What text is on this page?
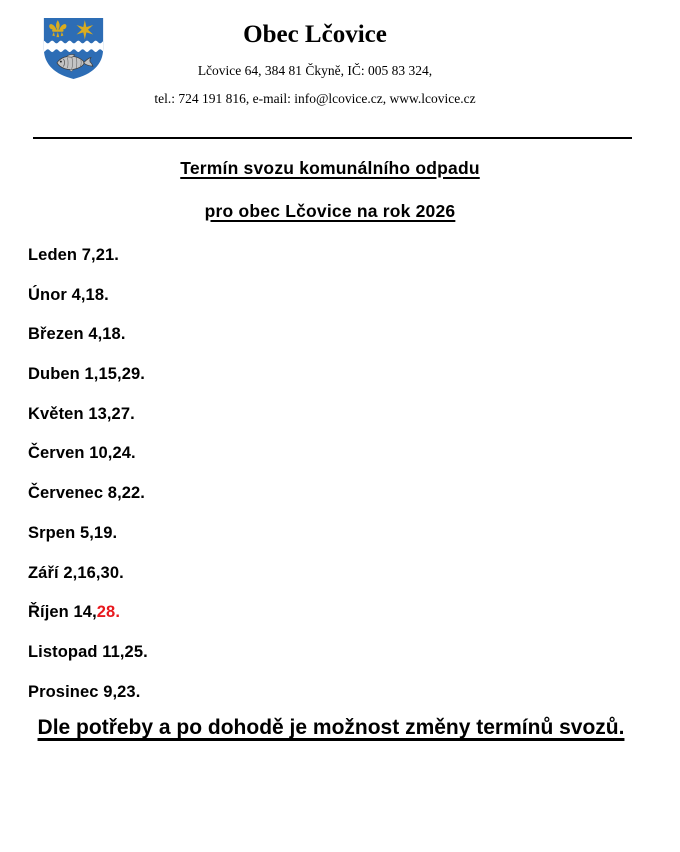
Obec Lčovice

Lčovice 64, 384 81 Čkyně, IČ: 005 83 324,

tel.: 724 191 816, e-mail: info@lcovice.cz, www.lcovice.cz

Termín svozu komunálního odpadu
pro obec Lčovice na rok 2026
Leden 7,21.
Únor 4,18.
Březen 4,18.
Duben 1,15,29.
Květen 13,27.
Červen 10,24.
Červenec 8,22.
Srpen 5,19.
Září 2,16,30.
Říjen 14,28.
Listopad 11,25.
Prosinec 9,23.

Dle potřeby a po dohodě je možnost změny termínů svozů.
